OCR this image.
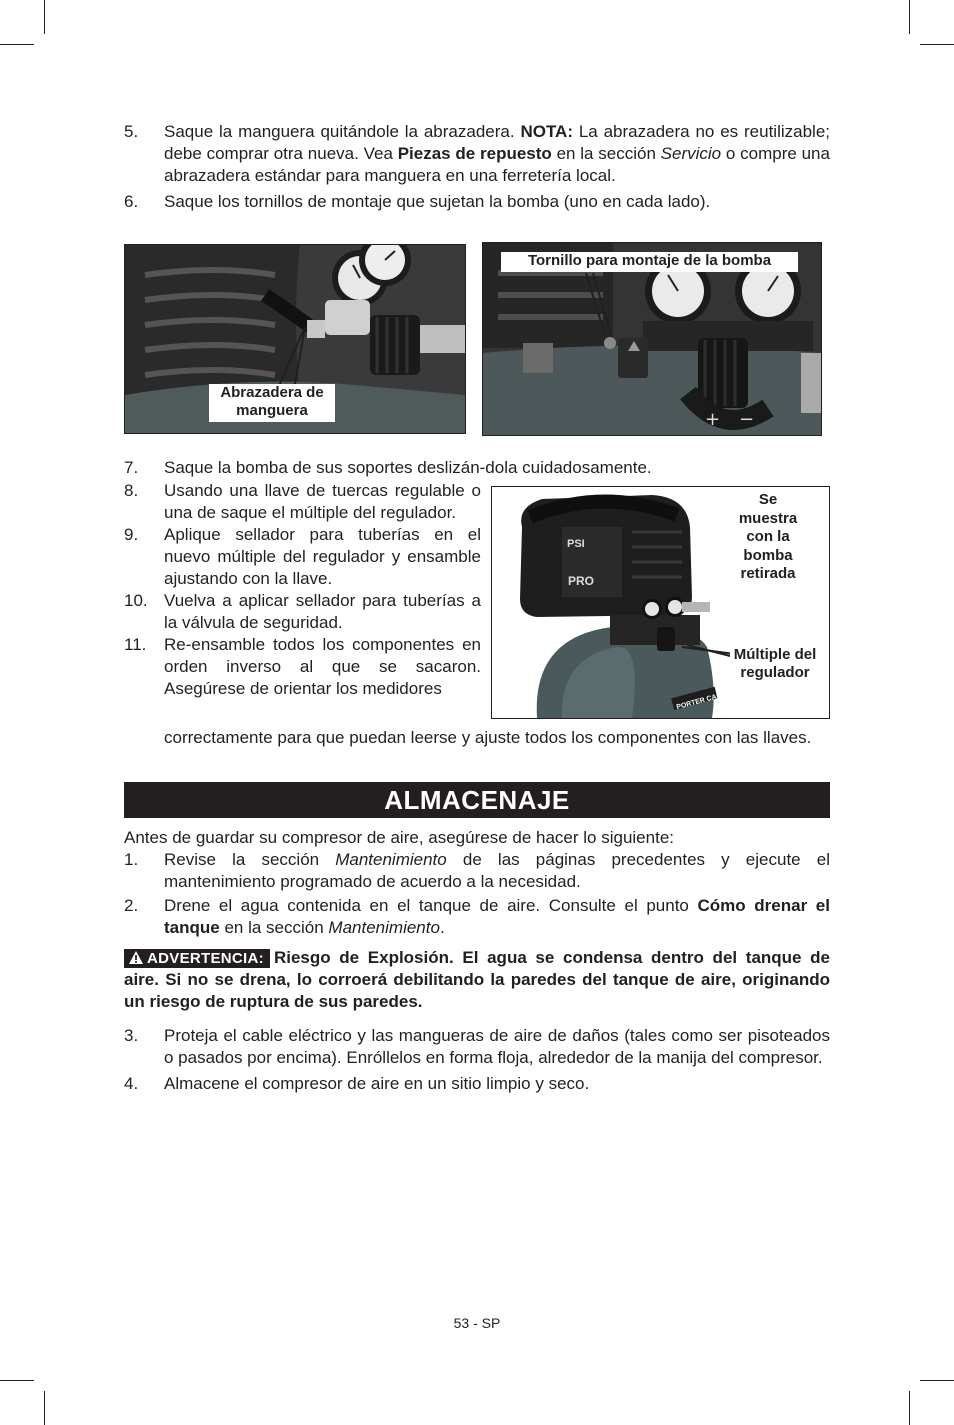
5.	Saque la manguera quitándole la abrazadera. NOTA: La abrazadera no es reutilizable; debe comprar otra nueva. Vea Piezas de repuesto en la sección Servicio o compre una abrazadera estándar para manguera en una ferretería local.
6.	Saque los tornillos de montaje que sujetan la bomba (uno en cada lado).
Abrazadera de manguera	+ −
Tornillo para montaje de la bomba
7.	Saque la bomba de sus soportes deslizán-dola cuidadosamente.
8.	Usando una llave de tuercas regulable o una de saque el múltiple del regulador.
9.	Aplique sellador para tuberías en el nuevo múltiple del regulador y ensamble ajustando con la llave.
10. Vuelva a aplicar sellador para tuberías a la válvula de seguridad.
11.	Re-ensamble todos los componentes en orden inverso al que se sacaron. Asegúrese de orientar los medidores
correctamente para que puedan leerse y ajuste todos los componentes con las llaves.
PSI
PRO
PORTER CABLE
Se muestra con la bomba retirada
Múltiple del regulador
ALMACENAJE
Antes de guardar su compresor de aire, asegúrese de hacer lo siguiente:
1.	Revise la sección Mantenimiento de las páginas precedentes y ejecute el mantenimiento programado de acuerdo a la necesidad.
2.	Drene el agua contenida en el tanque de aire. Consulte el punto Cómo drenar el tanque en la sección Mantenimiento.
ADVERTENCIA: Riesgo de Explosión. El agua se condensa dentro del tanque de aire. Si no se drena, lo corroerá debilitando la paredes del tanque de aire, originando un riesgo de ruptura de sus paredes.
3.	Proteja el cable eléctrico y las mangueras de aire de daños (tales como ser pisoteados o pasados por encima). Enróllelos en forma floja, alrededor de la manija del compresor.
4.	Almacene el compresor de aire en un sitio limpio y seco.
53 - SP
